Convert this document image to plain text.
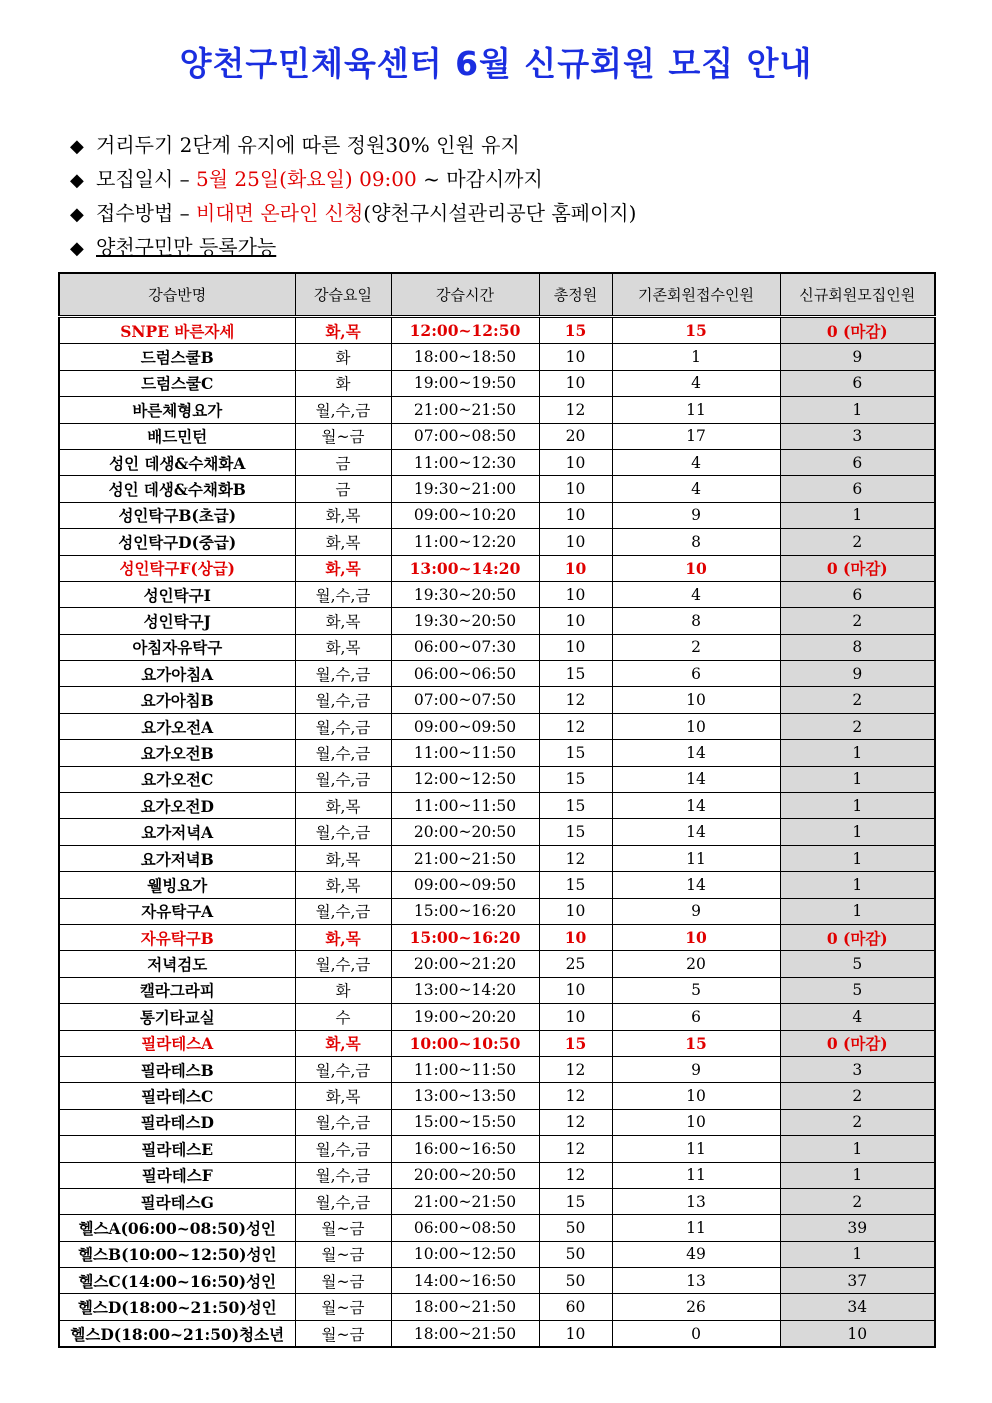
양천구민체육센터 6월 신규회원 모집 안내
◆ 거리두기 2단계 유지에 따른 정원30% 인원 유지
◆ 모집일시 – 5월 25일(화요일) 09:00 ~ 마감시까지
◆ 접수방법 – 비대면 온라인 신청(양천구시설관리공단 홈페이지)
◆ 양천구민만 등록가능
강습반명	강습요일	강습시간	총정원	기존회원접수인원	신규회원모집인원
SNPE 바른자세	화,목	12:00~12:50	15	15	0 (마감)
드럼스쿨B	화	18:00~18:50	10	1	9
드럼스쿨C	화	19:00~19:50	10	4	6
바른체형요가	월,수,금	21:00~21:50	12	11	1
배드민턴	월~금	07:00~08:50	20	17	3
성인 데생&수채화A	금	11:00~12:30	10	4	6
성인 데생&수채화B	금	19:30~21:00	10	4	6
성인탁구B(초급)	화,목	09:00~10:20	10	9	1
성인탁구D(중급)	화,목	11:00~12:20	10	8	2
성인탁구F(상급)	화,목	13:00~14:20	10	10	0 (마감)
성인탁구I	월,수,금	19:30~20:50	10	4	6
성인탁구J	화,목	19:30~20:50	10	8	2
아침자유탁구	화,목	06:00~07:30	10	2	8
요가아침A	월,수,금	06:00~06:50	15	6	9
요가아침B	월,수,금	07:00~07:50	12	10	2
요가오전A	월,수,금	09:00~09:50	12	10	2
요가오전B	월,수,금	11:00~11:50	15	14	1
요가오전C	월,수,금	12:00~12:50	15	14	1
요가오전D	화,목	11:00~11:50	15	14	1
요가저녁A	월,수,금	20:00~20:50	15	14	1
요가저녁B	화,목	21:00~21:50	12	11	1
웰빙요가	화,목	09:00~09:50	15	14	1
자유탁구A	월,수,금	15:00~16:20	10	9	1
자유탁구B	화,목	15:00~16:20	10	10	0 (마감)
저녁검도	월,수,금	20:00~21:20	25	20	5
캘라그라피	화	13:00~14:20	10	5	5
통기타교실	수	19:00~20:20	10	6	4
필라테스A	화,목	10:00~10:50	15	15	0 (마감)
필라테스B	월,수,금	11:00~11:50	12	9	3
필라테스C	화,목	13:00~13:50	12	10	2
필라테스D	월,수,금	15:00~15:50	12	10	2
필라테스E	월,수,금	16:00~16:50	12	11	1
필라테스F	월,수,금	20:00~20:50	12	11	1
필라테스G	월,수,금	21:00~21:50	15	13	2
헬스A(06:00~08:50)성인	월~금	06:00~08:50	50	11	39
헬스B(10:00~12:50)성인	월~금	10:00~12:50	50	49	1
헬스C(14:00~16:50)성인	월~금	14:00~16:50	50	13	37
헬스D(18:00~21:50)성인	월~금	18:00~21:50	60	26	34
헬스D(18:00~21:50)청소년	월~금	18:00~21:50	10	0	10
